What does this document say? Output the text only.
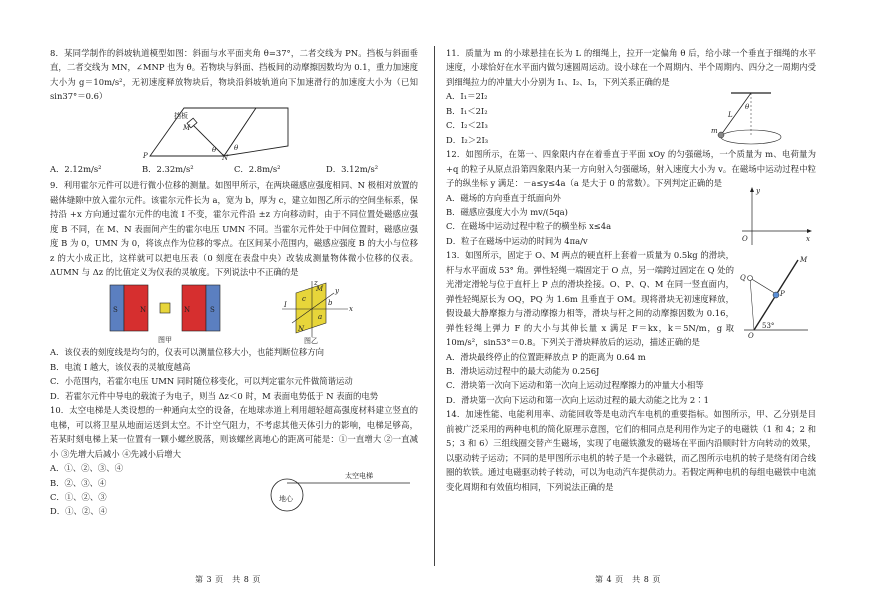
8．某同学制作的斜坡轨道模型如图：斜面与水平面夹角 θ=37°，二者交线为 PN。挡板与斜面垂直，二者交线为 MN，∠MNP 也为 θ。若物块与斜面、挡板间的动摩擦因数均为 0.1，重力加速度大小为 g＝10m/s²，无初速度释放物块后，物块沿斜坡轨道向下加速滑行的加速度大小为（已知 sin37°＝0.6）

挡板
M
P	N
θ	θ
A．2.12m/s²	B．2.32m/s²	C．2.8m/s²	D．3.12m/s²

9．利用霍尔元件可以进行微小位移的测量。如图甲所示，在两块磁感应强度相同、N 极相对放置的磁体缝隙中放入霍尔元件。该霍尔元件长为 a，宽为 b，厚为 c，建立如图乙所示的空间坐标系，保持沿 +x 方向通过霍尔元件的电流 I 不变，霍尔元件沿 ±z 方向移动时，由于不同位置处磁感应强度 B 不同，在 M、N 表面间产生的霍尔电压 UMN 不同。当霍尔元件处于中间位置时，磁感应强度 B 为 0，UMN 为 0，将该点作为位移的零点。在区间某小范围内，磁感应强度 B 的大小与位移 z 的大小成正比，这样就可以把电压表（0 刻度在表盘中央）改装成测量物体微小位移的仪表。ΔUMN 与 Δz 的比值定义为仪表的灵敏度。下列说法中不正确的是

S	N	N	S
图甲
M
N
x
y
z
I	b
c
a
图乙

A．该仪表的刻度线是均匀的，仪表可以测量位移大小，也能判断位移方向

B．电流 I 越大，该仪表的灵敏度越高

C．小范围内，若霍尔电压 UMN 同时随位移变化，可以判定霍尔元件做简谐运动

D．若霍尔元件中导电的载流子为电子，则当 Δz＜0 时，M 表面电势低于 N 表面的电势

10．太空电梯是人类设想的一种通向太空的设备，在地球赤道上利用超轻超高强度材料建立竖直的电梯，可以将卫星从地面运送到太空。不计空气阻力，不考虑其他天体引力的影响，电梯足够高，若某时刻电梯上某一位置有一颗小螺丝脱落，则该螺丝离地心的距离可能是：①一直增大 ②一直减小 ③先增大后减小 ④先减小后增大

A．①、②、③、④

B．②、③、④

C．①、②、③

D．①、②、④

太空电梯
地心
第 3 页　共 8 页

11．质量为 m 的小球悬挂在长为 L 的细绳上，拉开一定偏角 θ 后，给小球一个垂直于细绳的水平速度，小球恰好在水平面内做匀速圆周运动。设小球在一个周期内、半个周期内、四分之一周期内受到细绳拉力的冲量大小分别为 I₁、I₂、I₃，下列关系正确的是

A．I₁＝2I₂

B．I₁＜2I₂

C．I₂＜2I₃

D．I₂＞2I₃

θ
L
m

12．如图所示，在第一、四象限内存在着垂直于平面 xOy 的匀强磁场，一个质量为 m、电荷量为 +q 的粒子从原点沿第四象限内某一方向射入匀强磁场，射入速度大小为 v。在磁场中运动过程中粒子的纵坐标 y 满足：－a≤y≤4a（a 是大于 0 的常数）。下列判定正确的是

A．磁场的方向垂直于纸面向外

B．磁感应强度大小为 mv/(5qa)

C．在磁场中运动过程中粒子的横坐标 x≤4a

D．粒子在磁场中运动的时间为 4πa/v

y
x
O

13．如图所示，固定于 O、M 两点的硬直杆上套着一质量为 0.5kg 的滑块，杆与水平面成 53° 角。弹性轻绳一端固定于 O 点，另一端跨过固定在 Q 处的光滑定滑轮与位于直杆上 P 点的滑块拴接。O、P、Q、M 在同一竖直面内，弹性轻绳原长为 OQ，PQ 为 1.6m 且垂直于 OM。现将滑块无初速度释放，假设最大静摩擦力与滑动摩擦力相等，滑块与杆之间的动摩擦因数为 0.16，弹性轻绳上弹力 F 的大小与其伸长量 x 满足 F＝kx，k＝5N/m，g 取 10m/s²，sin53°＝0.8。下列关于滑块释放后的运动，描述正确的是

M
Q
P
O
53°

A．滑块最终停止的位置距释放点 P 的距离为 0.64 m

B．滑块运动过程中的最大动能为 0.256J

C．滑块第一次向下运动和第一次向上运动过程摩擦力的冲量大小相等

D．滑块第一次向下运动和第一次向上运动过程的最大动能之比为 2∶1

14．加速性能、电能利用率、动能回收等是电动汽车电机的重要指标。如图所示，甲、乙分别是目前被广泛采用的两种电机的简化原理示意图，它们的相同点是利用作为定子的电磁铁（1 和 4；2 和 5；3 和 6）三组线圈交替产生磁场，实现了电磁铁激发的磁场在平面内沿顺时针方向转动的效果，以驱动转子运动；不同的是甲图所示电机的转子是一个永磁铁，而乙图所示电机的转子是绕有闭合线圈的软铁。通过电磁驱动转子转动，可以为电动汽车提供动力。若假定两种电机的每组电磁铁中电流变化周期和有效值均相同，下列说法正确的是

第 4 页　共 8 页
